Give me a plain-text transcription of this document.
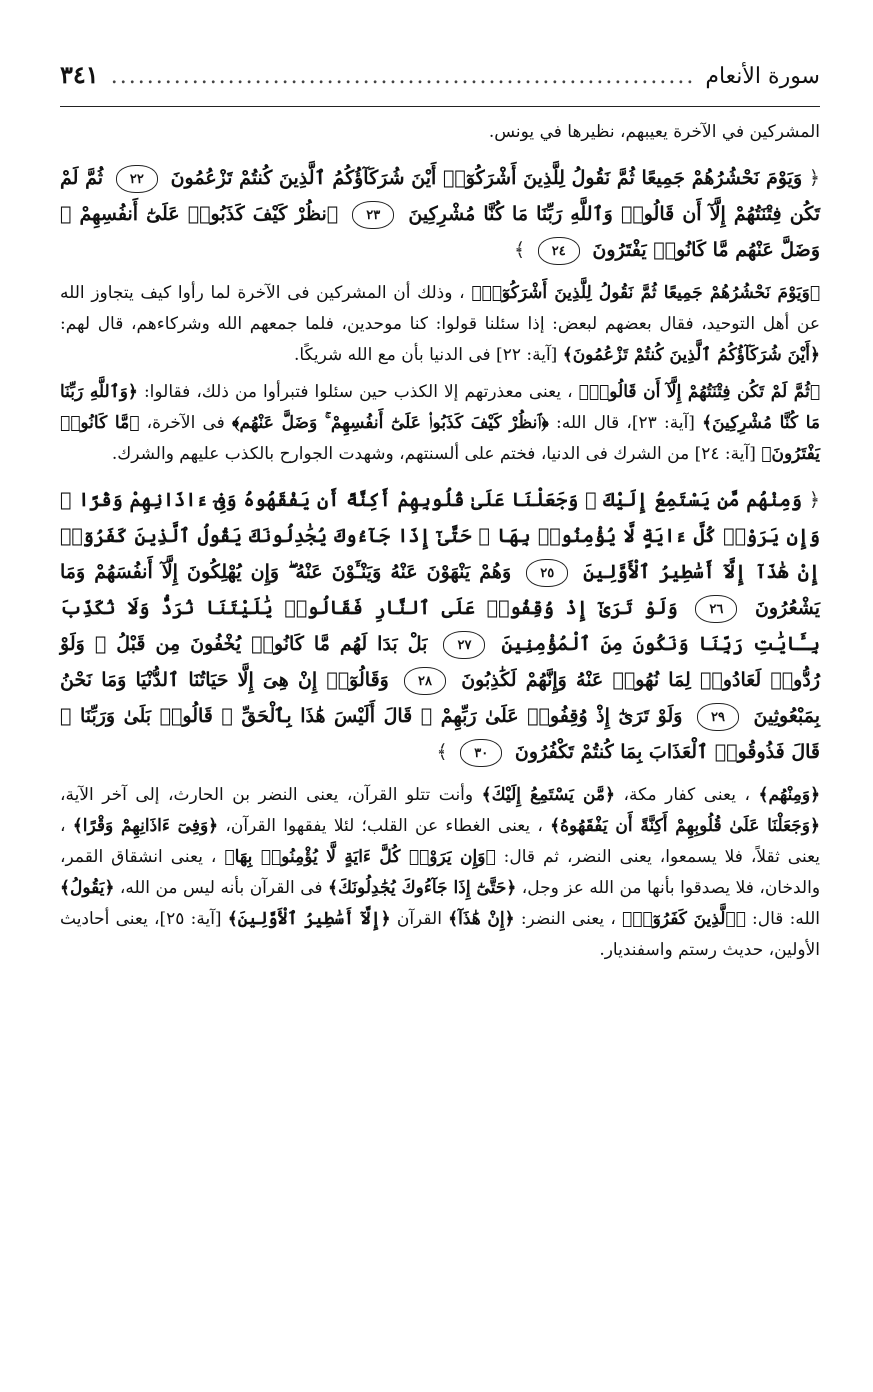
سورة الأنعام
.....
٣٤١

المشركين في الآخرة يعيبهم، نظيرها في يونس.

﴿ وَيَوْمَ نَحْشُرُهُمْ جَمِيعًا ثُمَّ نَقُولُ لِلَّذِينَ أَشْرَكُوٓا۟ أَيْنَ شُرَكَآؤُكُمُ ٱلَّذِينَ كُنتُمْ تَزْعُمُونَ ٢٢ ثُمَّ لَمْ تَكُن فِتْنَتُهُمْ إِلَّآ أَن قَالُوا۟ وَٱللَّهِ رَبِّنَا مَا كُنَّا مُشْرِكِينَ ٢٣ ٱنظُرْ كَيْفَ كَذَبُوا۟ عَلَىٰٓ أَنفُسِهِمْ ۚ وَضَلَّ عَنْهُم مَّا كَانُوا۟ يَفْتَرُونَ ٢٤ ﴾

﴿وَيَوْمَ نَحْشُرُهُمْ جَمِيعًا ثُمَّ نَقُولُ لِلَّذِينَ أَشْرَكُوٓا۟﴾ ، وذلك أن المشركين فى الآخرة لما رأوا كيف يتجاوز الله عن أهل التوحيد، فقال بعضهم لبعض: إذا سئلنا قولوا: كنا موحدين، فلما جمعهم الله وشركاءهم، قال لهم: ﴿أَيْنَ شُرَكَآؤُكُمُ ٱلَّذِينَ كُنتُمْ تَزْعُمُونَ﴾ [آية: ٢٢] فى الدنيا بأن مع الله شريكًا.

﴿ثُمَّ لَمْ تَكُن فِتْنَتُهُمْ إِلَّآ أَن قَالُوا۟﴾ ، يعنى معذرتهم إلا الكذب حين سئلوا فتبرأوا من ذلك، فقالوا: ﴿وَٱللَّهِ رَبِّنَا مَا كُنَّا مُشْرِكِينَ﴾ [آية: ٢٣]، قال الله: ﴿ٱنظُرْ كَيْفَ كَذَبُوا۟ عَلَىٰٓ أَنفُسِهِمْ ۚ وَضَلَّ عَنْهُم﴾ فى الآخرة، ﴿مَّا كَانُوا۟ يَفْتَرُونَ﴾ [آية: ٢٤] من الشرك فى الدنيا، فختم على ألسنتهم، وشهدت الجوارح بالكذب عليهم والشرك.

﴿ وَمِنْهُم مَّن يَسْتَمِعُ إِلَيْكَ ۖ وَجَعَلْنَا عَلَىٰ قُلُوبِهِمْ أَكِنَّةً أَن يَفْقَهُوهُ وَفِىٓ ءَاذَانِهِمْ وَقْرًا ۚ وَإِن يَرَوْا۟ كُلَّ ءَايَةٍ لَّا يُؤْمِنُوا۟ بِهَا ۚ حَتَّىٰٓ إِذَا جَآءُوكَ يُجَٰدِلُونَكَ يَقُولُ ٱلَّذِينَ كَفَرُوٓا۟ إِنْ هَٰذَآ إِلَّآ أَسَٰطِيرُ ٱلْأَوَّلِينَ ٢٥ وَهُمْ يَنْهَوْنَ عَنْهُ وَيَنْـَٔوْنَ عَنْهُ ۖ وَإِن يُهْلِكُونَ إِلَّآ أَنفُسَهُمْ وَمَا يَشْعُرُونَ ٢٦ وَلَوْ تَرَىٰٓ إِذْ وُقِفُوا۟ عَلَى ٱلنَّارِ فَقَالُوا۟ يَٰلَيْتَنَا نُرَدُّ وَلَا نُكَذِّبَ بِـَٔايَٰتِ رَبِّنَا وَنَكُونَ مِنَ ٱلْمُؤْمِنِينَ ٢٧ بَلْ بَدَا لَهُم مَّا كَانُوا۟ يُخْفُونَ مِن قَبْلُ ۖ وَلَوْ رُدُّوا۟ لَعَادُوا۟ لِمَا نُهُوا۟ عَنْهُ وَإِنَّهُمْ لَكَٰذِبُونَ ٢٨ وَقَالُوٓا۟ إِنْ هِىَ إِلَّا حَيَاتُنَا ٱلدُّنْيَا وَمَا نَحْنُ بِمَبْعُوثِينَ ٢٩ وَلَوْ تَرَىٰٓ إِذْ وُقِفُوا۟ عَلَىٰ رَبِّهِمْ ۚ قَالَ أَلَيْسَ هَٰذَا بِٱلْحَقِّ ۚ قَالُوا۟ بَلَىٰ وَرَبِّنَا ۚ قَالَ فَذُوقُوا۟ ٱلْعَذَابَ بِمَا كُنتُمْ تَكْفُرُونَ ٣٠ ﴾

﴿وَمِنْهُم﴾ ، يعنى كفار مكة، ﴿مَّن يَسْتَمِعُ إِلَيْكَ﴾ وأنت تتلو القرآن، يعنى النضر بن الحارث، إلى آخر الآية، ﴿وَجَعَلْنَا عَلَىٰ قُلُوبِهِمْ أَكِنَّةً أَن يَفْقَهُوهُ﴾ ، يعنى الغطاء عن القلب؛ لئلا يفقهوا القرآن، ﴿وَفِىٓ ءَاذَانِهِمْ وَقْرًا﴾ ، يعنى ثقلاً، فلا يسمعوا، يعنى النضر، ثم قال: ﴿وَإِن يَرَوْا۟ كُلَّ ءَايَةٍ لَّا يُؤْمِنُوا۟ بِهَا﴾ ، يعنى انشقاق القمر، والدخان، فلا يصدقوا بأنها من الله عز وجل، ﴿حَتَّىٰٓ إِذَا جَآءُوكَ يُجَٰدِلُونَكَ﴾ فى القرآن بأنه ليس من الله، ﴿يَقُولُ﴾ الله: قال: ﴿ٱلَّذِينَ كَفَرُوٓا۟﴾ ، يعنى النضر: ﴿إِنْ هَٰذَآ﴾ القرآن ﴿إِلَّآ أَسَٰطِيرُ ٱلْأَوَّلِينَ﴾ [آية: ٢٥]، يعنى أحاديث الأولين، حديث رستم واسفنديار.
